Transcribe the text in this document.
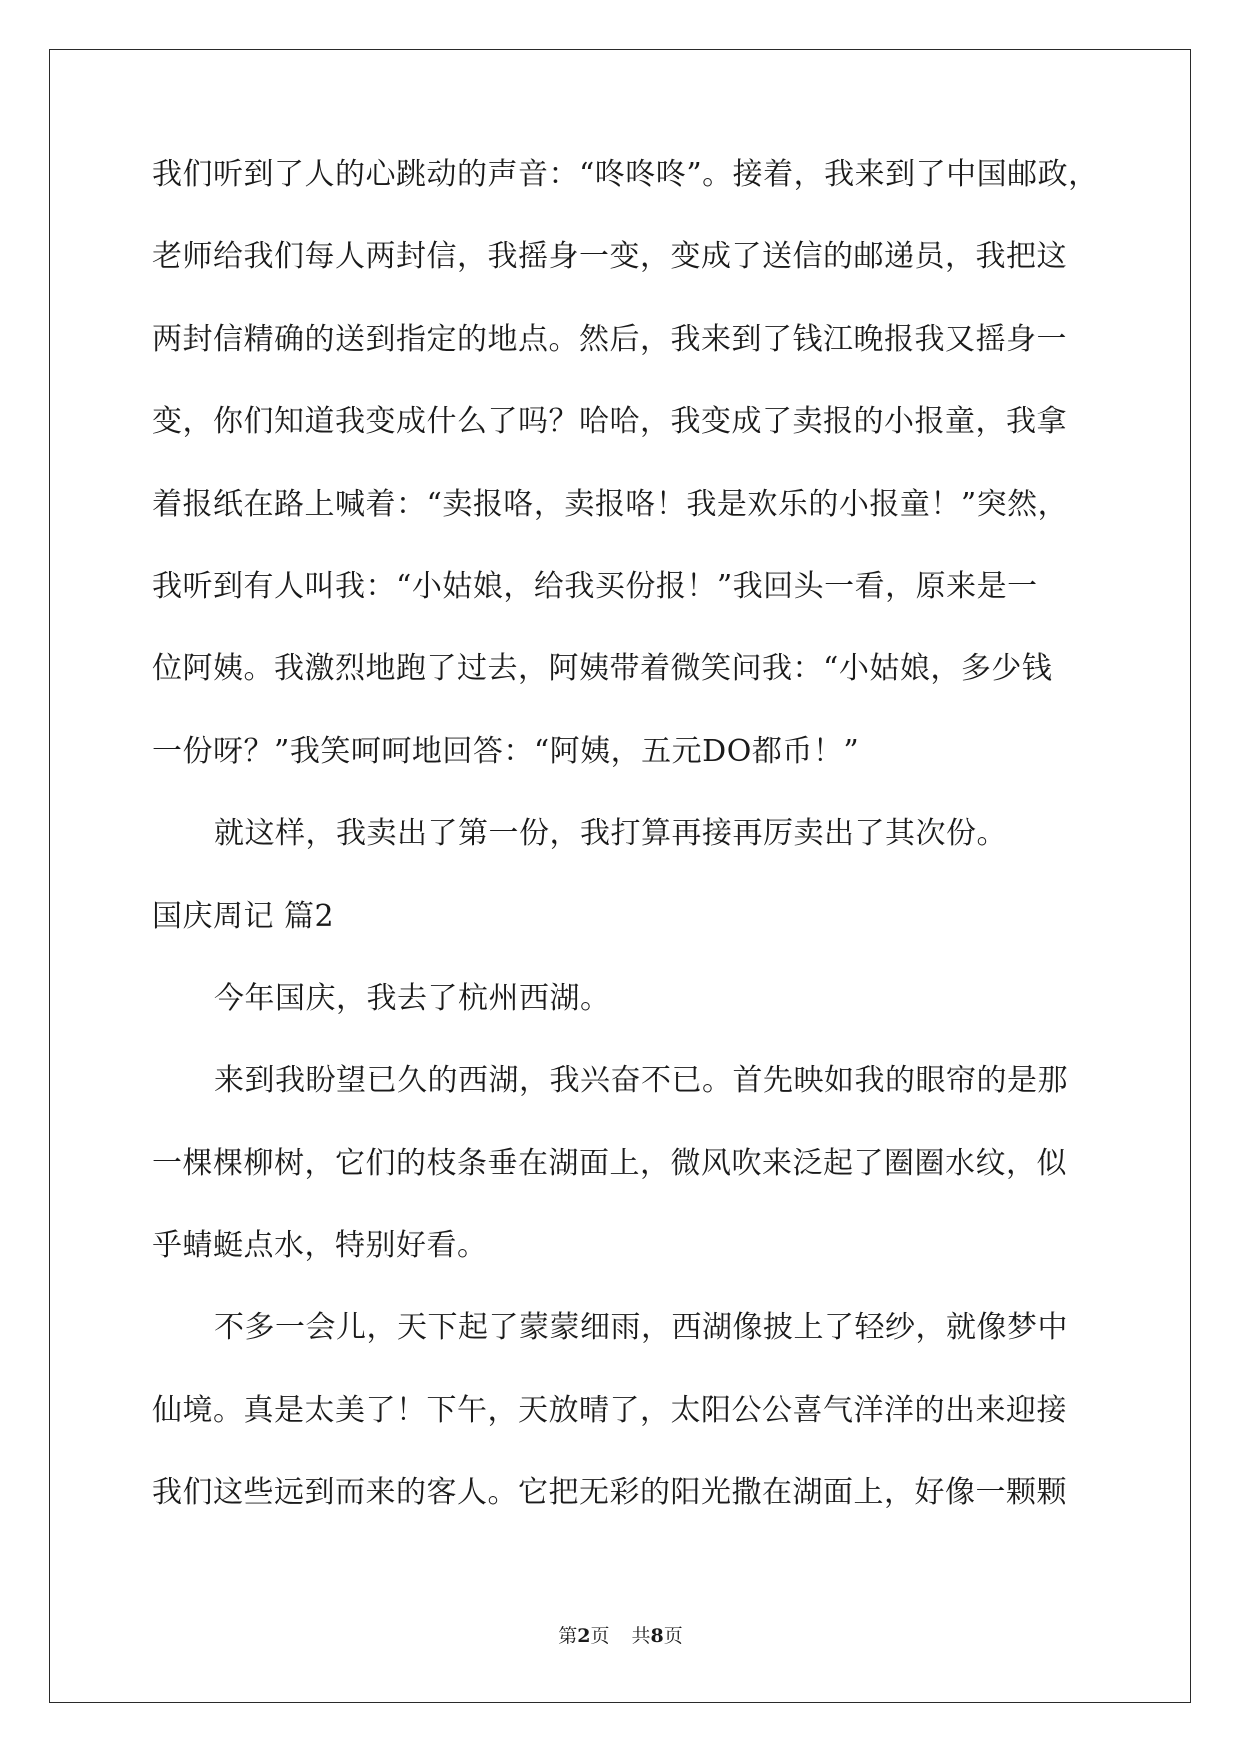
我们听到了人的心跳动的声音：“咚咚咚”。接着，我来到了中国邮政，

老师给我们每人两封信，我摇身一变，变成了送信的邮递员，我把这

两封信精确的送到指定的地点。然后，我来到了钱江晚报我又摇身一

变，你们知道我变成什么了吗？哈哈，我变成了卖报的小报童，我拿

着报纸在路上喊着：“卖报咯，卖报咯！我是欢乐的小报童！”突然，

我听到有人叫我：“小姑娘，给我买份报！”我回头一看，原来是一

位阿姨。我激烈地跑了过去，阿姨带着微笑问我：“小姑娘，多少钱

一份呀？”我笑呵呵地回答：“阿姨，五元DO都币！”

就这样，我卖出了第一份，我打算再接再厉卖出了其次份。

国庆周记 篇2

今年国庆，我去了杭州西湖。

来到我盼望已久的西湖，我兴奋不已。首先映如我的眼帘的是那

一棵棵柳树，它们的枝条垂在湖面上，微风吹来泛起了圈圈水纹，似

乎蜻蜓点水，特别好看。

不多一会儿，天下起了蒙蒙细雨，西湖像披上了轻纱，就像梦中

仙境。真是太美了！下午，天放晴了，太阳公公喜气洋洋的出来迎接

我们这些远到而来的客人。它把无彩的阳光撒在湖面上，好像一颗颗

第2页 共8页
